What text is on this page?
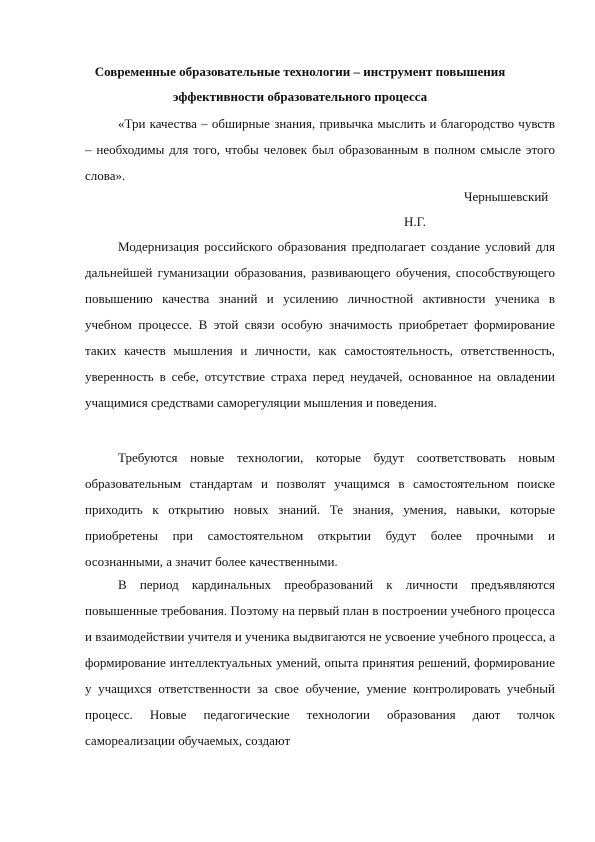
Современные образовательные технологии – инструмент повышения
эффективности образовательного процесса
«Три качества – обширные знания, привычка мыслить и благородство чувств – необходимы для того, чтобы человек был образованным в полном смысле этого слова».
Чернышевский
Н.Г.

Модернизация российского образования предполагает создание условий для дальнейшей гуманизации образования, развивающего обучения, способствующего повышению качества знаний и усилению личностной активности ученика в учебном процессе. В этой связи особую значимость приобретает формирование таких качеств мышления и личности, как самостоятельность, ответственность, уверенность в себе, отсутствие страха перед неудачей, основанное на овладении учащимися средствами саморегуляции мышления и поведения.

Требуются новые технологии, которые будут соответствовать новым образовательным стандартам и позволят учащимся в самостоятельном поиске приходить к открытию новых знаний. Те знания, умения, навыки, которые приобретены при самостоятельном открытии будут более прочными и осознанными, а значит более качественными.

В период кардинальных преобразований к личности предъявляются повышенные требования. Поэтому на первый план в построении учебного процесса и взаимодействии учителя и ученика выдвигаются не усвоение учебного процесса, а формирование интеллектуальных умений, опыта принятия решений, формирование у учащихся ответственности за свое обучение, умение контролировать учебный процесс. Новые педагогические технологии образования дают толчок самореализации обучаемых, создают
